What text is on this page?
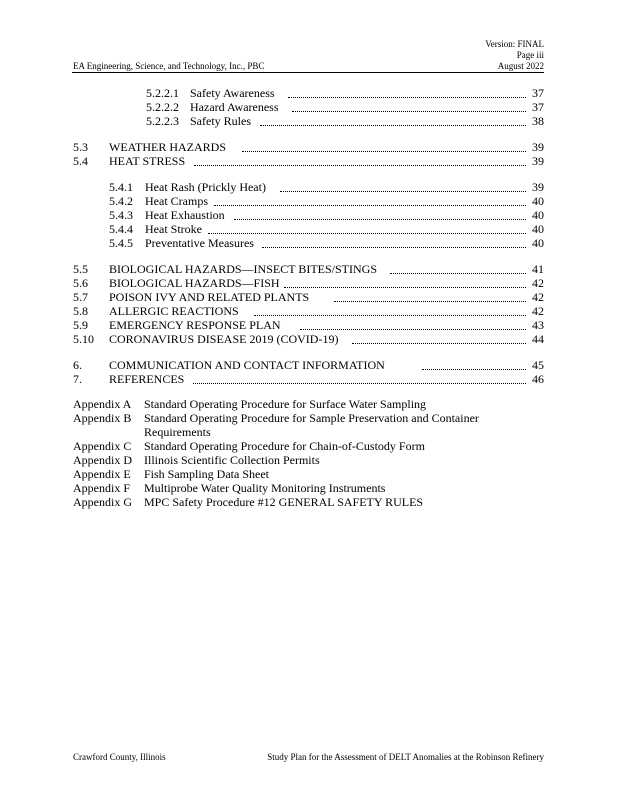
Version: FINAL
Page iii
August 2022
EA Engineering, Science, and Technology, Inc., PBC
5.2.2.1 Safety Awareness	37
5.2.2.2 Hazard Awareness	37
5.2.2.3 Safety Rules	38
5.3 WEATHER HAZARDS	39
5.4 HEAT STRESS	39
5.4.1 Heat Rash (Prickly Heat)	39
5.4.2 Heat Cramps	40
5.4.3 Heat Exhaustion	40
5.4.4 Heat Stroke	40
5.4.5 Preventative Measures	40
5.5 BIOLOGICAL HAZARDS—INSECT BITES/STINGS	41
5.6 BIOLOGICAL HAZARDS—FISH	42
5.7 POISON IVY AND RELATED PLANTS	42
5.8 ALLERGIC REACTIONS	42
5.9 EMERGENCY RESPONSE PLAN	43
5.10 CORONAVIRUS DISEASE 2019 (COVID-19)	44
6. COMMUNICATION AND CONTACT INFORMATION	45
7. REFERENCES	46
Appendix A Standard Operating Procedure for Surface Water Sampling
Appendix B Standard Operating Procedure for Sample Preservation and Container Requirements
Appendix C Standard Operating Procedure for Chain-of-Custody Form
Appendix D Illinois Scientific Collection Permits
Appendix E Fish Sampling Data Sheet
Appendix F Multiprobe Water Quality Monitoring Instruments
Appendix G MPC Safety Procedure #12 GENERAL SAFETY RULES
Crawford County, Illinois	Study Plan for the Assessment of DELT Anomalies at the Robinson Refinery
